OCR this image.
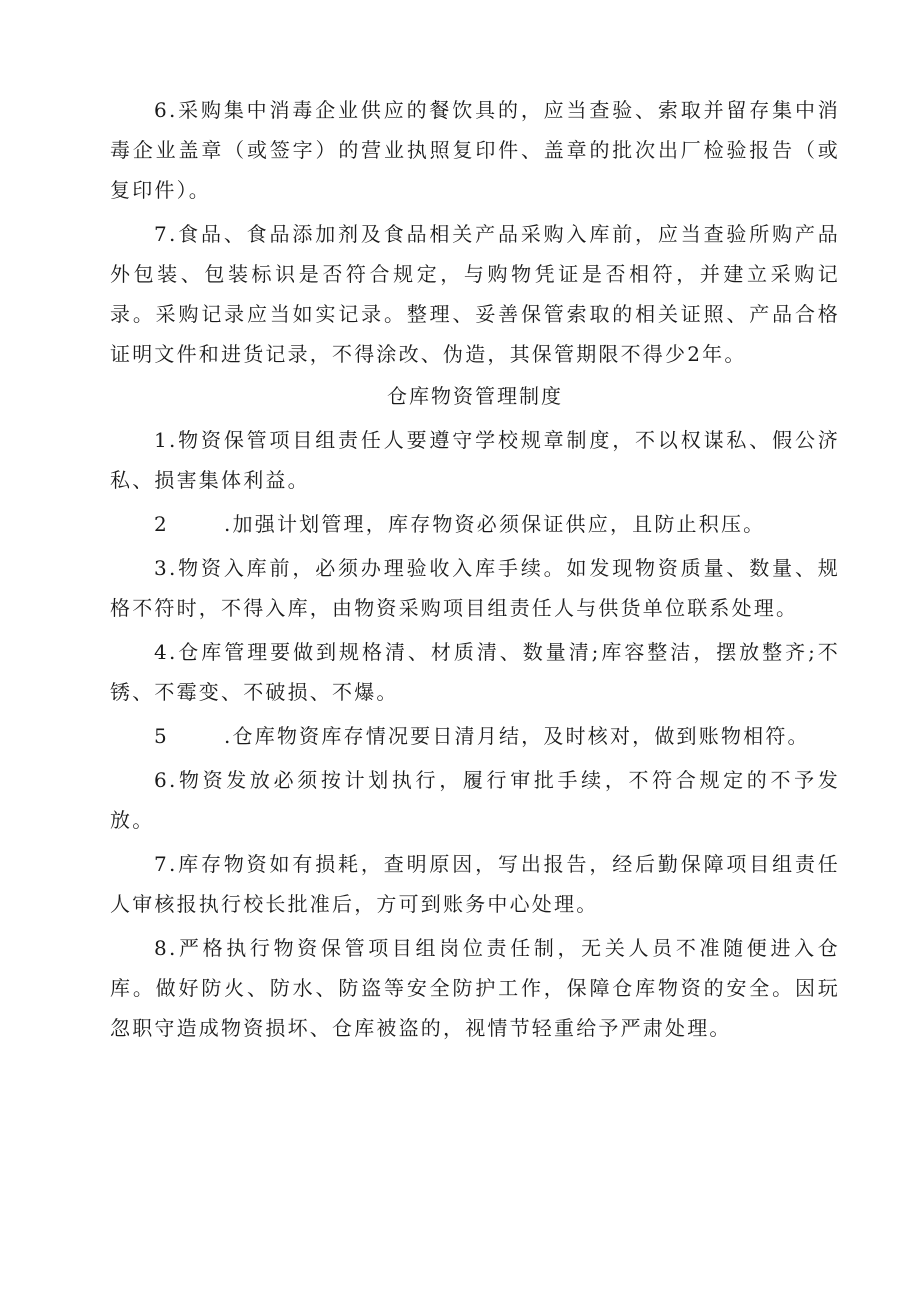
6.采购集中消毒企业供应的餐饮具的，应当查验、索取并留存集中消毒企业盖章（或签字）的营业执照复印件、盖章的批次出厂检验报告（或复印件）。

7.食品、食品添加剂及食品相关产品采购入库前，应当查验所购产品外包装、包装标识是否符合规定，与购物凭证是否相符，并建立采购记录。采购记录应当如实记录。整理、妥善保管索取的相关证照、产品合格证明文件和进货记录，不得涂改、伪造，其保管期限不得少2年。

仓库物资管理制度

1.物资保管项目组责任人要遵守学校规章制度，不以权谋私、假公济私、损害集体利益。

2	.加强计划管理，库存物资必须保证供应，且防止积压。

3.物资入库前，必须办理验收入库手续。如发现物资质量、数量、规格不符时，不得入库，由物资采购项目组责任人与供货单位联系处理。

4.仓库管理要做到规格清、材质清、数量清;库容整洁，摆放整齐;不锈、不霉变、不破损、不爆。

5	.仓库物资库存情况要日清月结，及时核对，做到账物相符。

6.物资发放必须按计划执行，履行审批手续，不符合规定的不予发放。

7.库存物资如有损耗，查明原因，写出报告，经后勤保障项目组责任人审核报执行校长批准后，方可到账务中心处理。

8.严格执行物资保管项目组岗位责任制，无关人员不准随便进入仓库。做好防火、防水、防盗等安全防护工作，保障仓库物资的安全。因玩忽职守造成物资损坏、仓库被盗的，视情节轻重给予严肃处理。
